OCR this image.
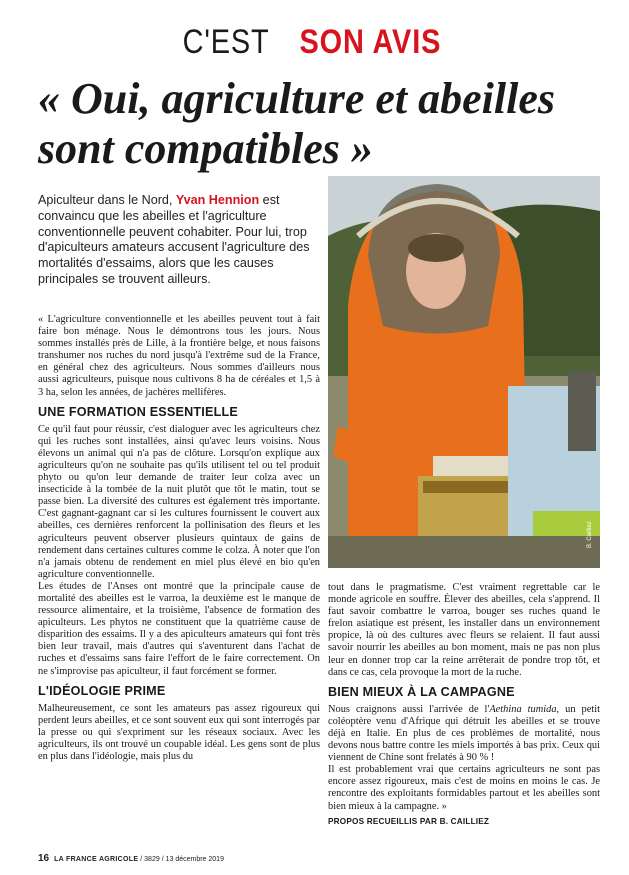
C'EST SON AVIS
« Oui, agriculture et abeilles
sont compatibles »
Apiculteur dans le Nord, Yvan Hennion est convaincu que les abeilles et l'agriculture conventionnelle peuvent cohabiter. Pour lui, trop d'apiculteurs amateurs accusent l'agriculture des mortalités d'essaims, alors que les causes principales se trouvent ailleurs.
B. Cailliez

« L'agriculture conventionnelle et les abeilles peuvent tout à fait faire bon ménage. Nous le démontrons tous les jours. Nous sommes installés près de Lille, à la frontière belge, et nous faisons transhumer nos ruches du nord jusqu'à l'extrême sud de la France, en général chez des agriculteurs. Nous sommes d'ailleurs nous aussi agriculteurs, puisque nous cultivons 8 ha de céréales et 1,5 à 3 ha, selon les années, de jachères mellifères.

UNE FORMATION ESSENTIELLE

Ce qu'il faut pour réussir, c'est dialoguer avec les agriculteurs chez qui les ruches sont installées, ainsi qu'avec leurs voisins. Nous élevons un animal qui n'a pas de clôture. Lorsqu'on explique aux agriculteurs qu'on ne souhaite pas qu'ils utilisent tel ou tel produit phyto ou qu'on leur demande de traiter leur colza avec un insecticide à la tombée de la nuit plutôt que tôt le matin, tout se passe bien. La diversité des cultures est également très importante. C'est gagnant-gagnant car si les cultures fournissent le couvert aux abeilles, ces dernières renforcent la pollinisation des fleurs et les agriculteurs peuvent observer plusieurs quintaux de gains de rendement dans certaines cultures comme le colza. À noter que l'on n'a jamais obtenu de rendement en miel plus élevé en bio qu'en agriculture conventionnelle.

Les études de l'Anses ont montré que la principale cause de mortalité des abeilles est le varroa, la deuxième est le manque de ressource alimentaire, et la troisième, l'absence de formation des apiculteurs. Les phytos ne constituent que la quatrième cause de disparition des essaims. Il y a des apiculteurs amateurs qui font très bien leur travail, mais d'autres qui s'aventurent dans l'achat de ruches et d'essaims sans faire l'effort de le faire correctement. On ne s'improvise pas apiculteur, il faut forcément se former.

L'IDÉOLOGIE PRIME

Malheureusement, ce sont les amateurs pas assez rigoureux qui perdent leurs abeilles, et ce sont souvent eux qui sont interrogés par la presse ou qui s'expriment sur les réseaux sociaux. Avec les agriculteurs, ils ont trouvé un coupable idéal. Les gens sont de plus en plus dans l'idéologie, mais plus du

tout dans le pragmatisme. C'est vraiment regrettable car le monde agricole en souffre. Élever des abeilles, cela s'apprend. Il faut savoir combattre le varroa, bouger ses ruches quand le frelon asiatique est présent, les installer dans un environnement propice, là où des cultures avec fleurs se relaient. Il faut aussi savoir nourrir les abeilles au bon moment, mais ne pas non plus leur en donner trop car la reine arrêterait de pondre trop tôt, et dans ce cas, cela provoque la mort de la ruche.

BIEN MIEUX À LA CAMPAGNE

Nous craignons aussi l'arrivée de l'Aethina tumida, un petit coléoptère venu d'Afrique qui détruit les abeilles et se trouve déjà en Italie. En plus de ces problèmes de mortalité, nous devons nous battre contre les miels importés à bas prix. Ceux qui viennent de Chine sont frelatés à 90 % !

Il est probablement vrai que certains agriculteurs ne sont pas encore assez rigoureux, mais c'est de moins en moins le cas. Je rencontre des exploitants formidables partout et les abeilles sont bien mieux à la campagne. »

PROPOS RECUEILLIS PAR B. CAILLIEZ
16 LA FRANCE AGRICOLE / 3829 / 13 décembre 2019
